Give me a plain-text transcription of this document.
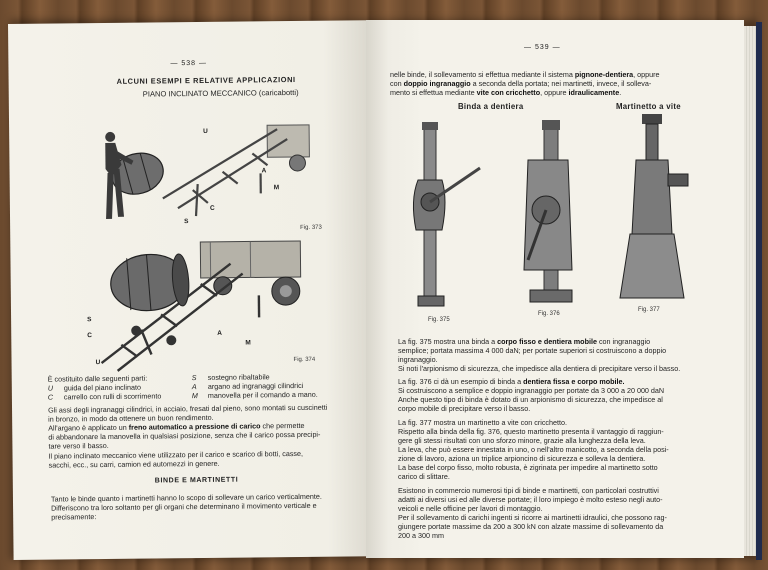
— 538 —
ALCUNI ESEMPI E RELATIVE APPLICAZIONI
PIANO INCLINATO MECCANICO (caricabotti)
U
A
M
S
C
Fig. 373
S
C
U
A
M
Fig. 374
È costituito dalle seguenti parti:
U guida del piano inclinato
S sostegno ribaltabile
C carrello con rulli di scorrimento
A argano ad ingranaggi cilindrici
M manovella per il comando a mano.
Gli assi degli ingranaggi cilindrici, in acciaio, fresati dal pieno, sono montati su cuscinetti
in bronzo, in modo da ottenere un buon rendimento.
All'argano è applicato un freno automatico a pressione di carico che permette
di abbandonare la manovella in qualsiasi posizione, senza che il carico possa precipi-
tare verso il basso.
Il piano inclinato meccanico viene utilizzato per il carico e scarico di botti, casse,
sacchi, ecc., su carri, camion ed automezzi in genere.
BINDE E MARTINETTI
Tanto le binde quanto i martinetti hanno lo scopo di sollevare un carico verticalmente.
Differiscono tra loro soltanto per gli organi che determinano il movimento verticale e
precisamente:
— 539 —
nelle binde, il sollevamento si effettua mediante il sistema pignone-dentiera, oppure
con doppio ingranaggio a seconda della portata; nei martinetti, invece, il solleva-
mento si effettua mediante vite con cricchetto, oppure idraulicamente.
Binda a dentiera	Martinetto a vite
Fig. 375
Fig. 376
Fig. 377
La fig. 375 mostra una binda a corpo fisso e dentiera mobile con ingranaggio
semplice; portata massima 4 000 daN; per portate superiori si costruiscono a doppio
ingranaggio.
Si noti l'arpionismo di sicurezza, che impedisce alla dentiera di precipitare verso il basso.
La fig. 376 ci dà un esempio di binda a dentiera fissa e corpo mobile.
Si costruiscono a semplice e doppio ingranaggio per portate da 3 000 a 20 000 daN
Anche questo tipo di binda è dotato di un arpionismo di sicurezza, che impedisce al
corpo mobile di precipitare verso il basso.
La fig. 377 mostra un martinetto a vite con cricchetto.
Rispetto alla binda della fig. 376, questo martinetto presenta il vantaggio di raggiun-
gere gli stessi risultati con uno sforzo minore, grazie alla lunghezza della leva.
La leva, che può essere innestata in uno, o nell'altro manicotto, a seconda della posi-
zione di lavoro, aziona un triplice arpioncino di sicurezza e solleva la dentiera.
La base del corpo fisso, molto robusta, è zigrinata per impedire al martinetto sotto
carico di slittare.
Esistono in commercio numerosi tipi di binde e martinetti, con particolari costruttivi
adatti ai diversi usi ed alle diverse portate; il loro impiego è molto esteso negli auto-
veicoli e nelle officine per lavori di montaggio.
Per il sollevamento di carichi ingenti si ricorre ai martinetti idraulici, che possono rag-
giungere portate massime da 200 a 300 kN con alzate massime di sollevamento da
200 a 300 mm
